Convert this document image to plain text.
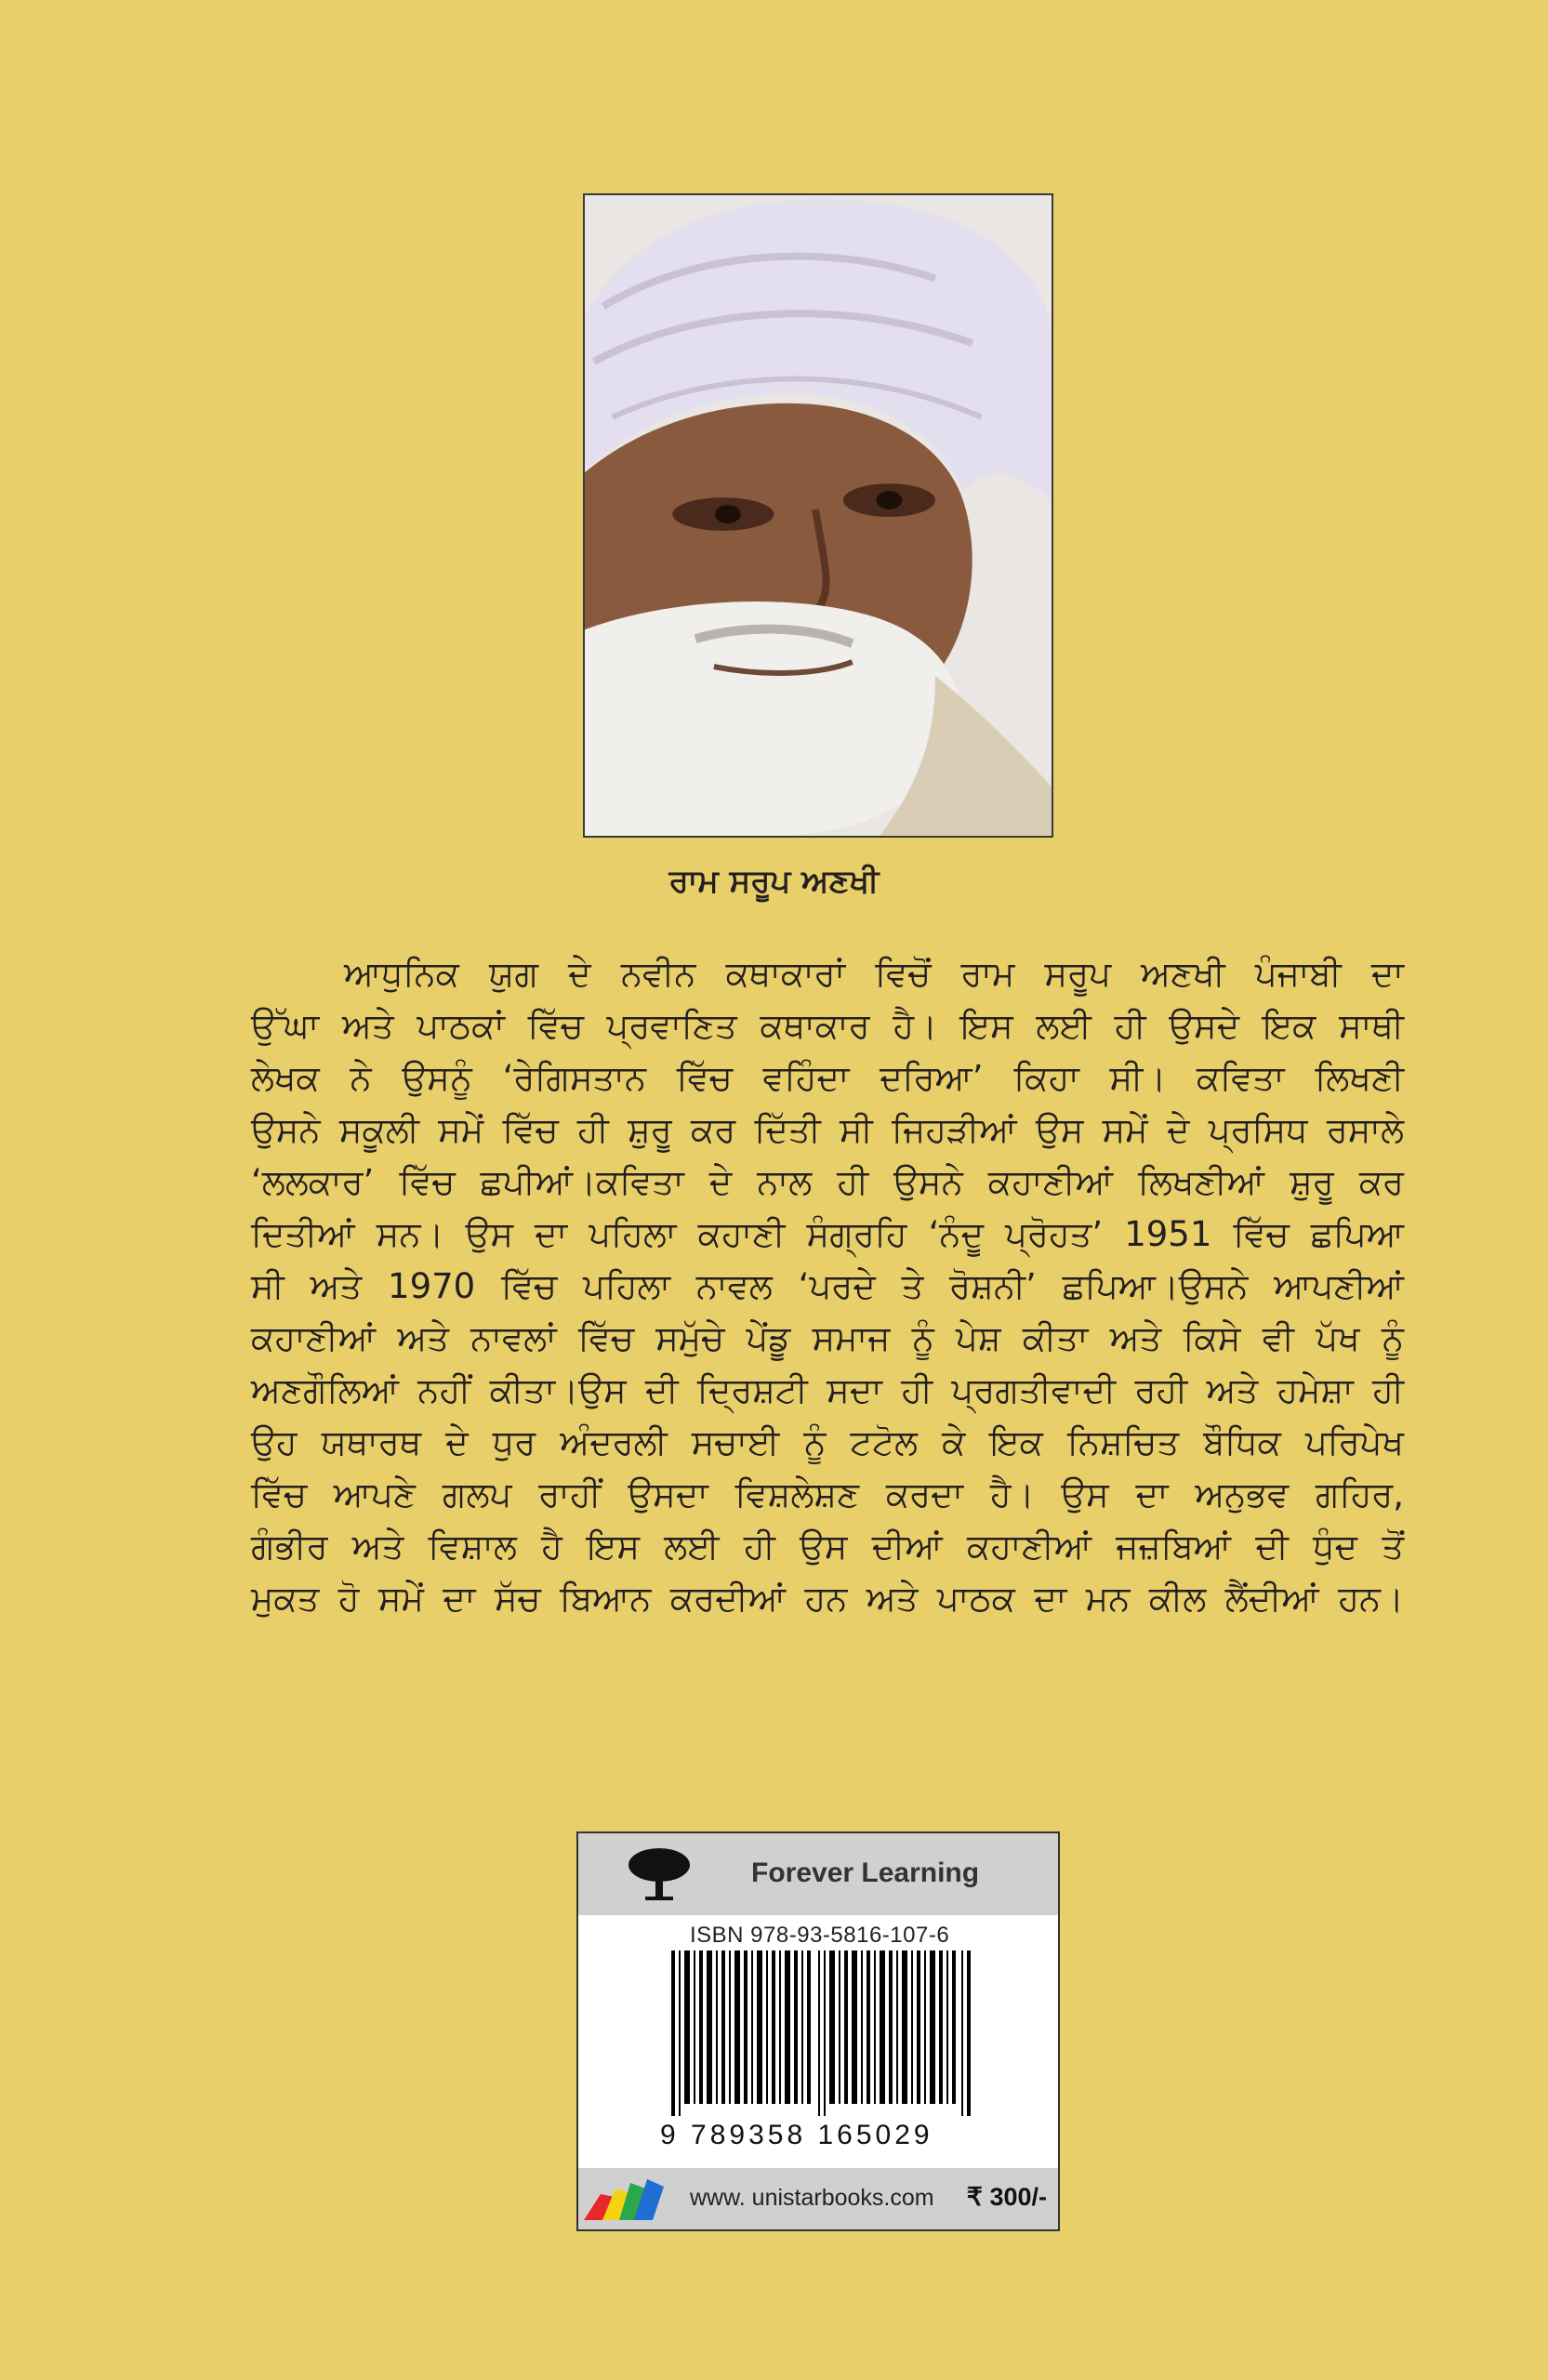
ਰਾਮ ਸਰੂਪ ਅਣਖੀ
ਆਧੁਨਿਕ ਯੁਗ ਦੇ ਨਵੀਨ ਕਥਾਕਾਰਾਂ ਵਿਚੋਂ ਰਾਮ ਸਰੂਪ ਅਣਖੀ ਪੰਜਾਬੀ ਦਾ
ਉੱਘਾ ਅਤੇ ਪਾਠਕਾਂ ਵਿੱਚ ਪ੍ਰਵਾਣਿਤ ਕਥਾਕਾਰ ਹੈ। ਇਸ ਲਈ ਹੀ ਉਸਦੇ ਇਕ ਸਾਥੀ
ਲੇਖਕ ਨੇ ਉਸਨੂੰ ‘ਰੇਗਿਸਤਾਨ ਵਿੱਚ ਵਹਿੰਦਾ ਦਰਿਆ’ ਕਿਹਾ ਸੀ। ਕਵਿਤਾ ਲਿਖਣੀ
ਉਸਨੇ ਸਕੂਲੀ ਸਮੇਂ ਵਿੱਚ ਹੀ ਸ਼ੁਰੂ ਕਰ ਦਿੱਤੀ ਸੀ ਜਿਹੜੀਆਂ ਉਸ ਸਮੇਂ ਦੇ ਪ੍ਰਸਿਧ ਰਸਾਲੇ
‘ਲਲਕਾਰ’ ਵਿੱਚ ਛਪੀਆਂ।ਕਵਿਤਾ ਦੇ ਨਾਲ ਹੀ ਉਸਨੇ ਕਹਾਣੀਆਂ ਲਿਖਣੀਆਂ ਸ਼ੁਰੂ ਕਰ
ਦਿਤੀਆਂ ਸਨ। ਉਸ ਦਾ ਪਹਿਲਾ ਕਹਾਣੀ ਸੰਗ੍ਰਹਿ ‘ਨੰਦੂ ਪ੍ਰੋਹਤ’ 1951 ਵਿੱਚ ਛਪਿਆ
ਸੀ ਅਤੇ 1970 ਵਿੱਚ ਪਹਿਲਾ ਨਾਵਲ ‘ਪਰਦੇ ਤੇ ਰੋਸ਼ਨੀ’ ਛਪਿਆ।ਉਸਨੇ ਆਪਣੀਆਂ
ਕਹਾਣੀਆਂ ਅਤੇ ਨਾਵਲਾਂ ਵਿੱਚ ਸਮੁੱਚੇ ਪੇਂਡੂ ਸਮਾਜ ਨੂੰ ਪੇਸ਼ ਕੀਤਾ ਅਤੇ ਕਿਸੇ ਵੀ ਪੱਖ ਨੂੰ
ਅਣਗੌਲਿਆਂ ਨਹੀਂ ਕੀਤਾ।ਉਸ ਦੀ ਦ੍ਰਿਸ਼ਟੀ ਸਦਾ ਹੀ ਪ੍ਰਗਤੀਵਾਦੀ ਰਹੀ ਅਤੇ ਹਮੇਸ਼ਾ ਹੀ
ਉਹ ਯਥਾਰਥ ਦੇ ਧੁਰ ਅੰਦਰਲੀ ਸਚਾਈ ਨੂੰ ਟਟੋਲ ਕੇ ਇਕ ਨਿਸ਼ਚਿਤ ਬੌਧਿਕ ਪਰਿਪੇਖ
ਵਿੱਚ ਆਪਣੇ ਗਲਪ ਰਾਹੀਂ ਉਸਦਾ ਵਿਸ਼ਲੇਸ਼ਣ ਕਰਦਾ ਹੈ। ਉਸ ਦਾ ਅਨੁਭਵ ਗਹਿਰ,
ਗੰਭੀਰ ਅਤੇ ਵਿਸ਼ਾਲ ਹੈ ਇਸ ਲਈ ਹੀ ਉਸ ਦੀਆਂ ਕਹਾਣੀਆਂ ਜਜ਼ਬਿਆਂ ਦੀ ਧੁੰਦ ਤੋਂ
ਮੁਕਤ ਹੋ ਸਮੇਂ ਦਾ ਸੱਚ ਬਿਆਨ ਕਰਦੀਆਂ ਹਨ ਅਤੇ ਪਾਠਕ ਦਾ ਮਨ ਕੀਲ ਲੈਂਦੀਆਂ ਹਨ।
Forever Learning
ISBN 978-93-5816-107-6
9 789358 165029
www. unistarbooks.com ₹ 300/-
